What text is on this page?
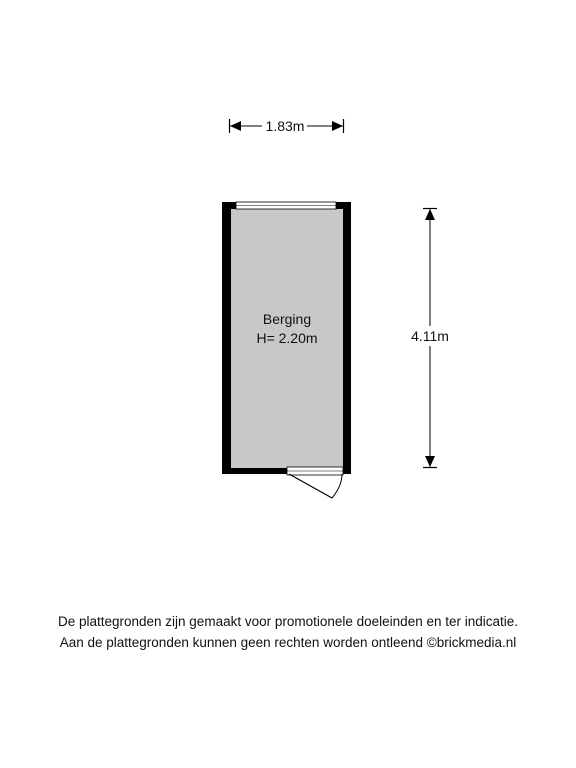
1.83m
4.11m
Berging
H= 2.20m
De plattegronden zijn gemaakt voor promotionele doeleinden en ter indicatie.
Aan de plattegronden kunnen geen rechten worden ontleend ©brickmedia.nl
